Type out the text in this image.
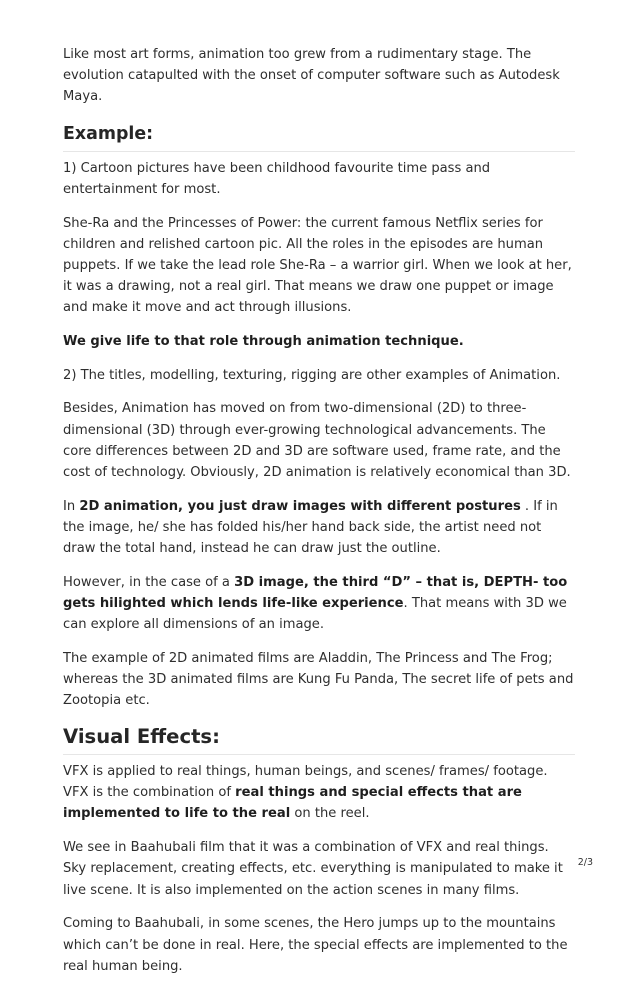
Like most art forms, animation too grew from a rudimentary stage. The evolution catapulted with the onset of computer software such as Autodesk Maya.

Example:

1) Cartoon pictures have been childhood favourite time pass and entertainment for most.

She-Ra and the Princesses of Power: the current famous Netflix series for children and relished cartoon pic. All the roles in the episodes are human puppets. If we take the lead role She-Ra – a warrior girl. When we look at her, it was a drawing, not a real girl. That means we draw one puppet or image and make it move and act through illusions.

We give life to that role through animation technique.

2) The titles, modelling, texturing, rigging are other examples of Animation.

Besides, Animation has moved on from two-dimensional (2D) to three-dimensional (3D) through ever-growing technological advancements. The core differences between 2D and 3D are software used, frame rate, and the cost of technology. Obviously, 2D animation is relatively economical than 3D.

In 2D animation, you just draw images with different postures . If in the image, he/ she has folded his/her hand back side, the artist need not draw the total hand, instead he can draw just the outline.

However, in the case of a 3D image, the third “D” – that is, DEPTH- too gets hilighted which lends life-like experience. That means with 3D we can explore all dimensions of an image.

The example of 2D animated films are Aladdin, The Princess and The Frog; whereas the 3D animated films are Kung Fu Panda, The secret life of pets and Zootopia etc.

Visual Effects:

VFX is applied to real things, human beings, and scenes/ frames/ footage. VFX is the combination of real things and special effects that are implemented to life to the real on the reel.

We see in Baahubali film that it was a combination of VFX and real things. Sky replacement, creating effects, etc. everything is manipulated to make it live scene. It is also implemented on the action scenes in many films.

Coming to Baahubali, in some scenes, the Hero jumps up to the mountains which can’t be done in real. Here, the special effects are implemented to the real human being.

2/3
